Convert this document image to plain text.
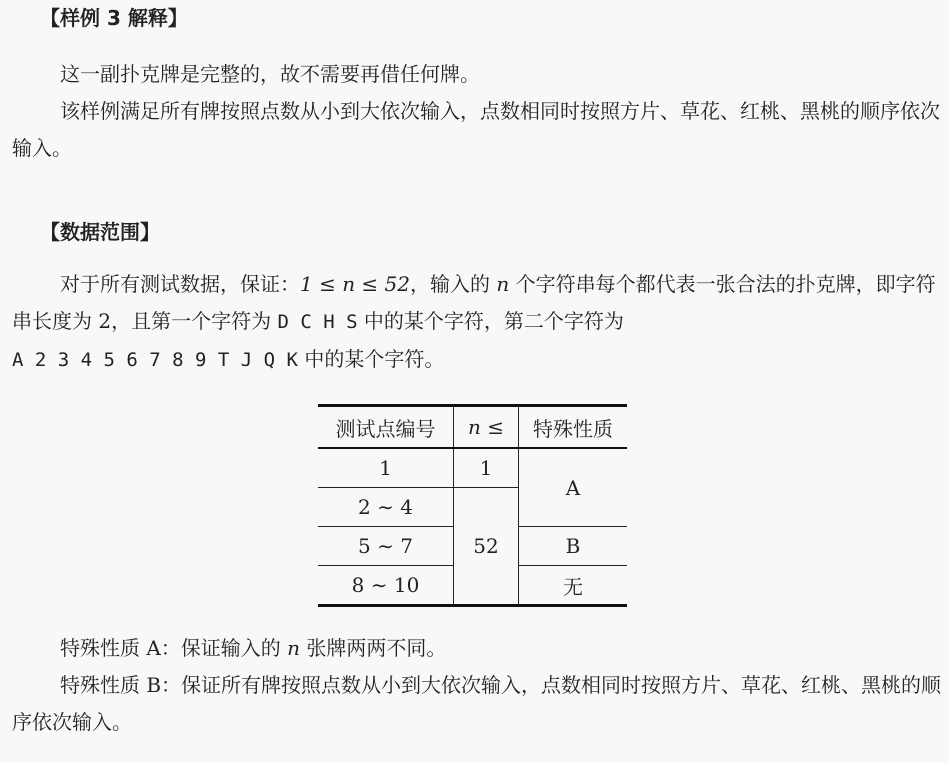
【样例 3 解释】
这一副扑克牌是完整的，故不需要再借任何牌。
该样例满足所有牌按照点数从小到大依次输入，点数相同时按照方片、草花、红桃、黑桃的顺序依次输入。
【数据范围】
对于所有测试数据，保证：1 ≤ n ≤ 52，输入的 n 个字符串每个都代表一张合法的扑克牌，即字符串长度为 2，且第一个字符为 D C H S 中的某个字符，第二个字符为
A 2 3 4 5 6 7 8 9 T J Q K 中的某个字符。
测试点编号	n ≤	特殊性质
1	1	A
2 ∼ 4	52	
5 ∼ 7		B
8 ∼ 10		无
特殊性质 A：保证输入的 n 张牌两两不同。
特殊性质 B：保证所有牌按照点数从小到大依次输入，点数相同时按照方片、草花、红桃、黑桃的顺序依次输入。
